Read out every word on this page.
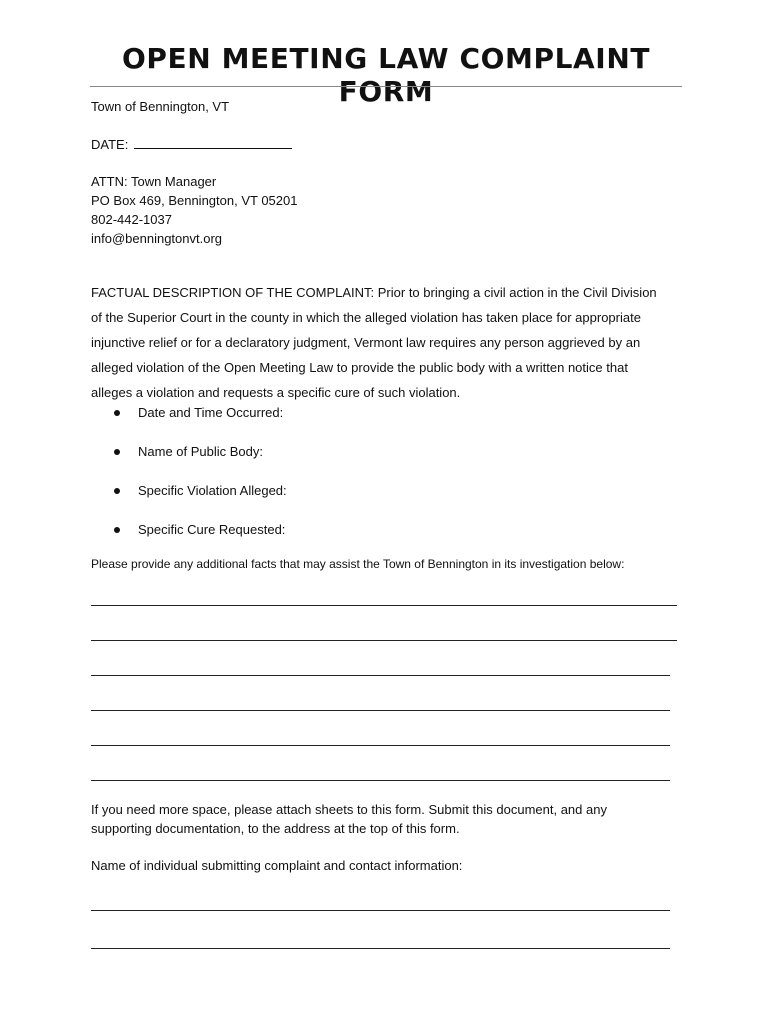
OPEN MEETING LAW COMPLAINT FORM

Town of Bennington, VT

DATE:

ATTN: Town Manager
PO Box 469, Bennington, VT 05201
802-442-1037
info@benningtonvt.org

FACTUAL DESCRIPTION OF THE COMPLAINT: Prior to bringing a civil action in the Civil Division of the Superior Court in the county in which the alleged violation has taken place for appropriate injunctive relief or for a declaratory judgment, Vermont law requires any person aggrieved by an alleged violation of the Open Meeting Law to provide the public body with a written notice that alleges a violation and requests a specific cure of such violation.

Date and Time Occurred:
Name of Public Body:
Specific Violation Alleged:
Specific Cure Requested:

Please provide any additional facts that may assist the Town of Bennington in its investigation below:

If you need more space, please attach sheets to this form. Submit this document, and any
supporting documentation, to the address at the top of this form.

Name of individual submitting complaint and contact information:
